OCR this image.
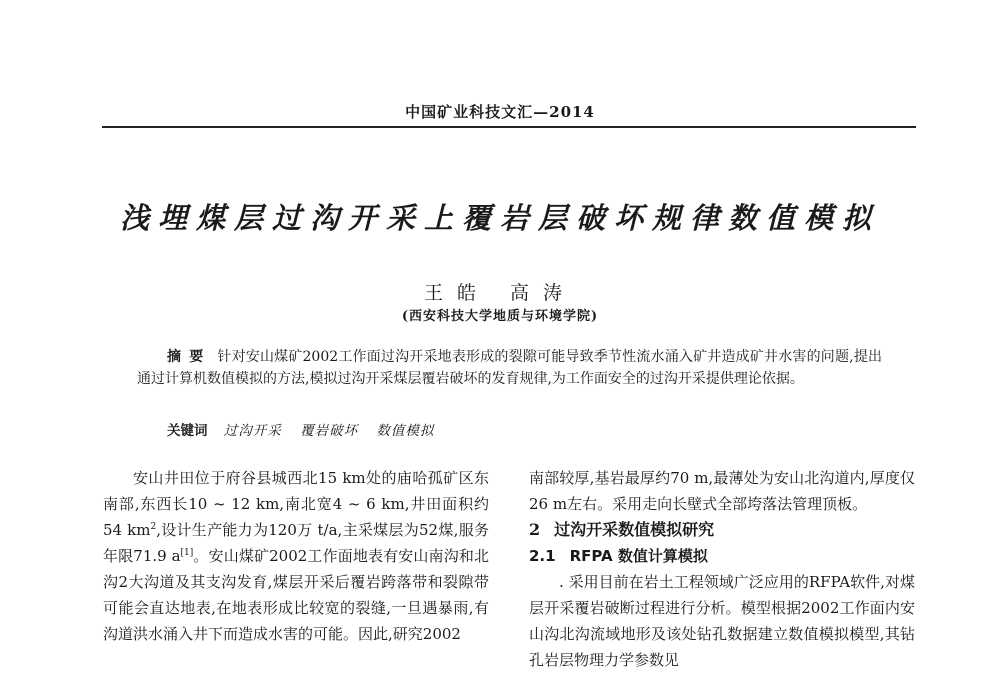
中国矿业科技文汇—2014
浅埋煤层过沟开采上覆岩层破坏规律数值模拟
王皓 高涛
(西安科技大学地质与环境学院)
摘要 针对安山煤矿2002工作面过沟开采地表形成的裂隙可能导致季节性流水涌入矿井造成矿井水害的问题,提出通过计算机数值模拟的方法,模拟过沟开采煤层覆岩破坏的发育规律,为工作面安全的过沟开采提供理论依据。
关键词 过沟开采 覆岩破坏 数值模拟

安山井田位于府谷县城西北15 km处的庙哈孤矿区东南部,东西长10 ~ 12 km,南北宽4 ~ 6 km,井田面积约54 $km^2$,设计生产能力为120万 t/a,主采煤层为52煤,服务年限71.9 a[1]。安山煤矿2002工作面地表有安山南沟和北沟2大沟道及其支沟发育,煤层开采后覆岩跨落带和裂隙带可能会直达地表,在地表形成比较宽的裂缝,一旦遇暴雨,有沟道洪水涌入井下而造成水害的可能。因此,研究2002

南部较厚,基岩最厚约70 m,最薄处为安山北沟道内,厚度仅26 m左右。采用走向长壁式全部垮落法管理顶板。

2 过沟开采数值模拟研究
2.1 RFPA 数值计算模拟

. 采用目前在岩土工程领域广泛应用的RFPA软件,对煤层开采覆岩破断过程进行分析。模型根据2002工作面内安山沟北沟流域地形及该处钻孔数据建立数值模拟模型,其钻孔岩层物理力学参数见
